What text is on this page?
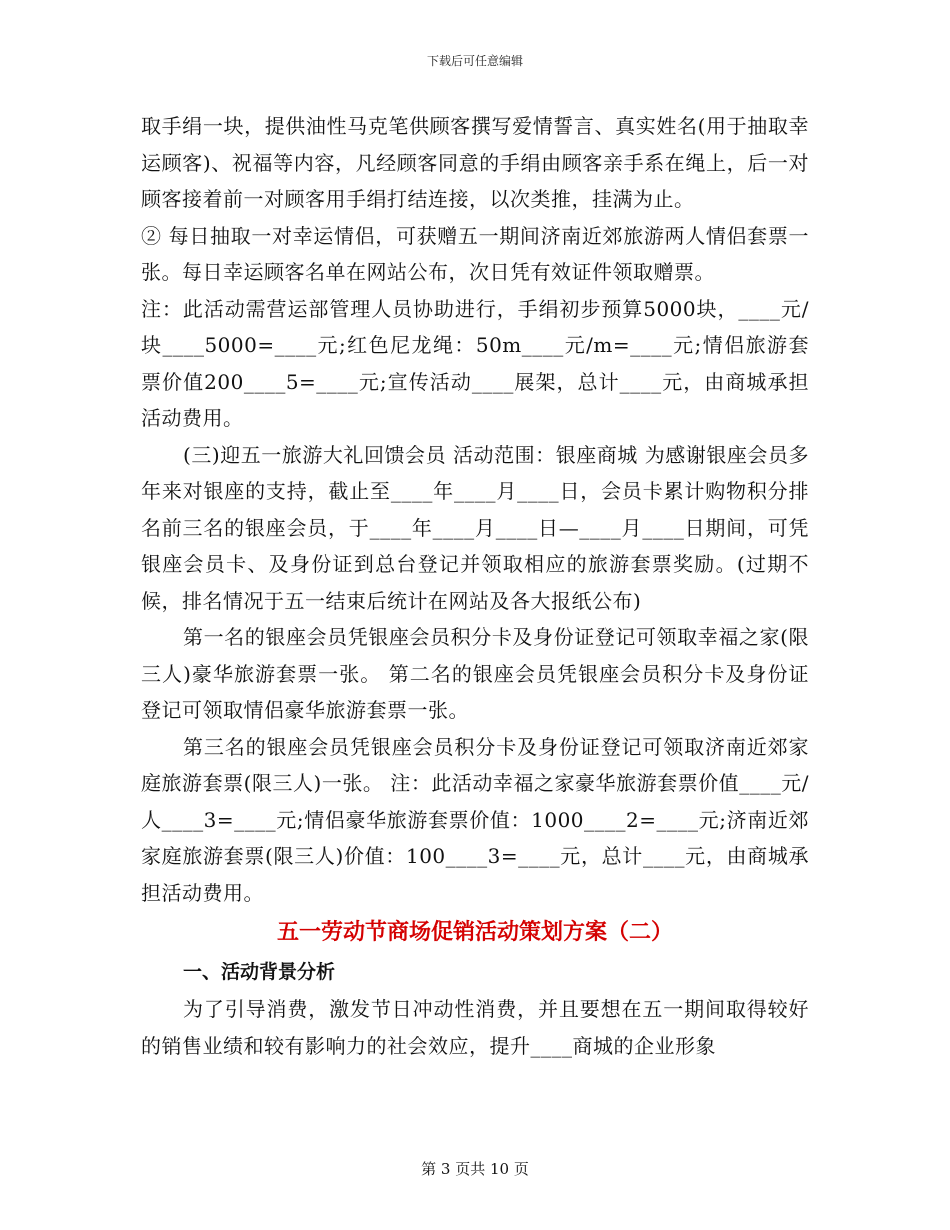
下载后可任意编辑

取手绢一块，提供油性马克笔供顾客撰写爱情誓言、真实姓名(用于抽取幸运顾客)、祝福等内容，凡经顾客同意的手绢由顾客亲手系在绳上，后一对顾客接着前一对顾客用手绢打结连接，以次类推，挂满为止。

② 每日抽取一对幸运情侣，可获赠五一期间济南近郊旅游两人情侣套票一张。每日幸运顾客名单在网站公布，次日凭有效证件领取赠票。

注：此活动需营运部管理人员协助进行，手绢初步预算5000块，____元/块____5000=____元;红色尼龙绳：50m____元/m=____元;情侣旅游套票价值200____5=____元;宣传活动____展架，总计____元，由商城承担活动费用。

(三)迎五一旅游大礼回馈会员 活动范围：银座商城 为感谢银座会员多年来对银座的支持，截止至____年____月____日，会员卡累计购物积分排名前三名的银座会员，于____年____月____日—____月____日期间，可凭银座会员卡、及身份证到总台登记并领取相应的旅游套票奖励。(过期不候，排名情况于五一结束后统计在网站及各大报纸公布)

第一名的银座会员凭银座会员积分卡及身份证登记可领取幸福之家(限三人)豪华旅游套票一张。 第二名的银座会员凭银座会员积分卡及身份证登记可领取情侣豪华旅游套票一张。

第三名的银座会员凭银座会员积分卡及身份证登记可领取济南近郊家庭旅游套票(限三人)一张。 注：此活动幸福之家豪华旅游套票价值____元/人____3=____元;情侣豪华旅游套票价值：1000____2=____元;济南近郊家庭旅游套票(限三人)价值：100____3=____元，总计____元，由商城承担活动费用。

五一劳动节商场促销活动策划方案（二）

一、活动背景分析

为了引导消费，激发节日冲动性消费，并且要想在五一期间取得较好的销售业绩和较有影响力的社会效应，提升____商城的企业形象

第 3 页共 10 页
